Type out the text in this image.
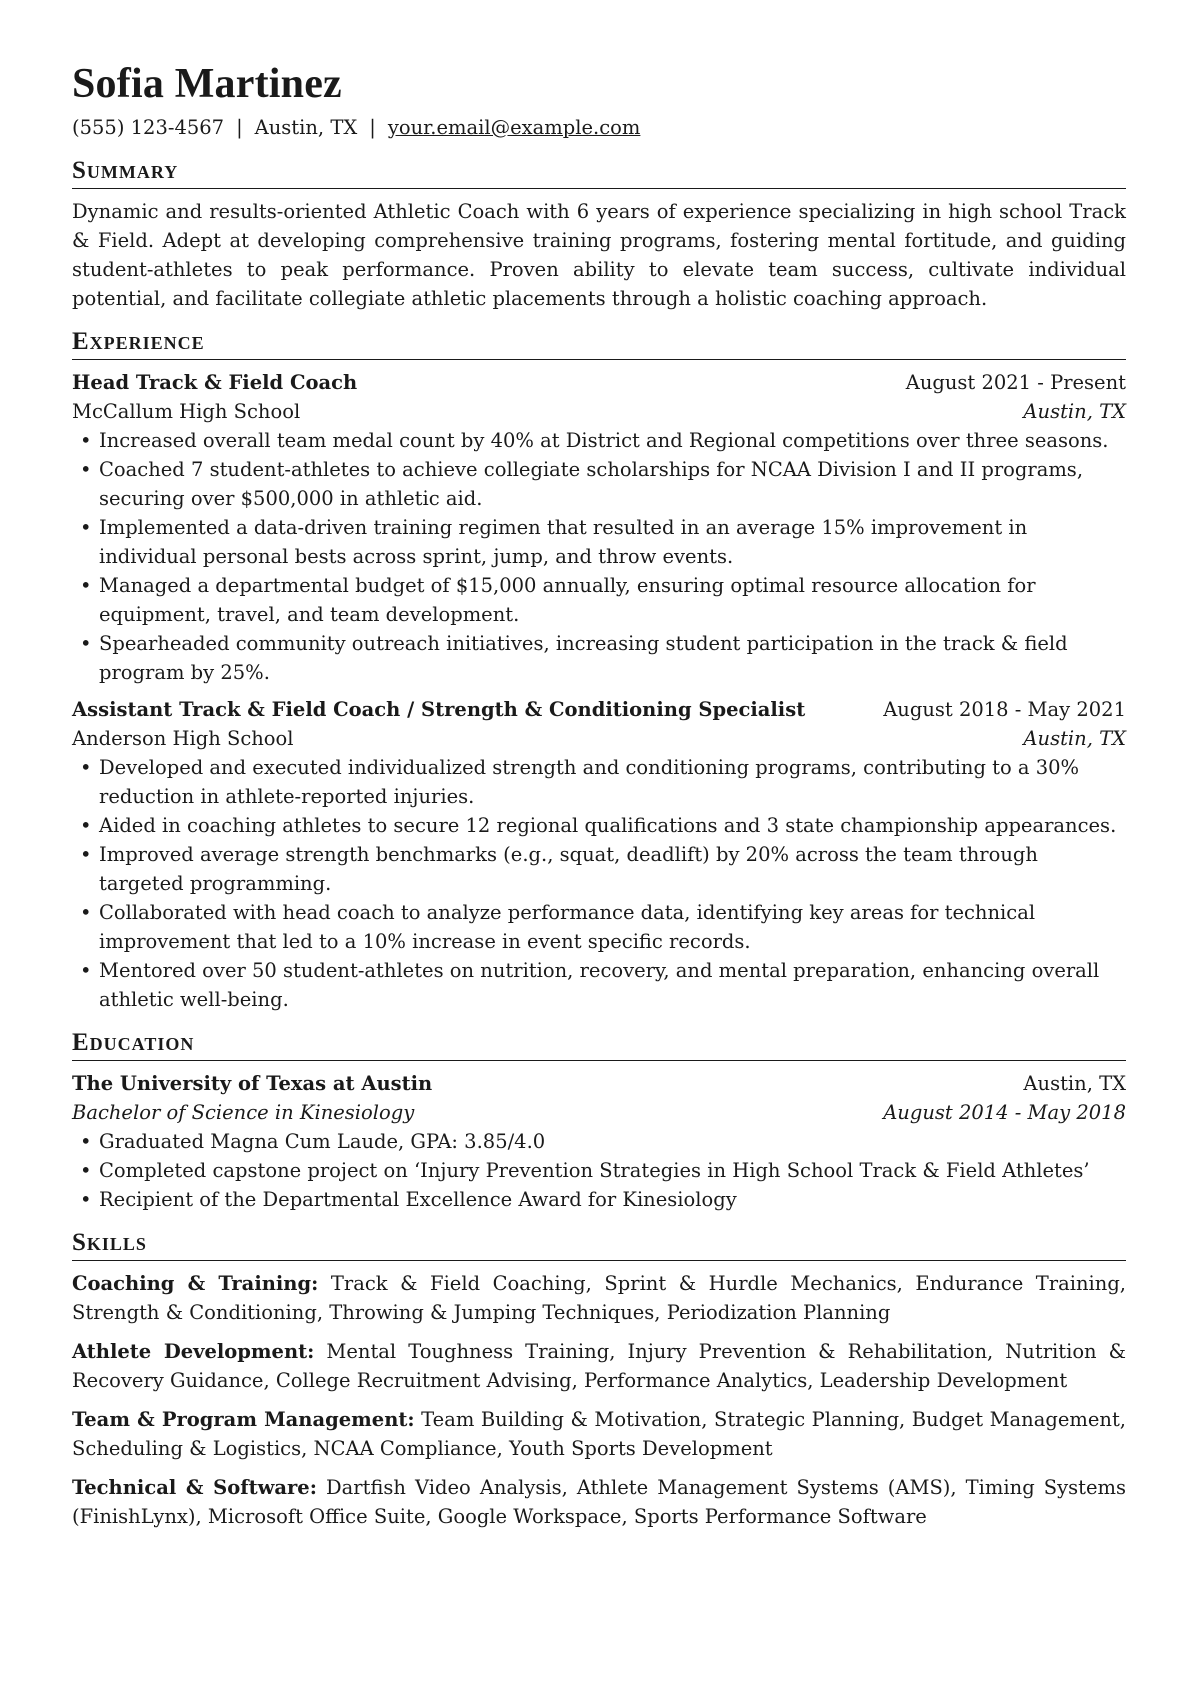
Sofia Martinez
(555) 123-4567 | Austin, TX | your.email@example.com
Summary
Dynamic and results-oriented Athletic Coach with 6 years of experience specializing in high school Track & Field. Adept at developing comprehensive training programs, fostering mental fortitude, and guiding student-athletes to peak performance. Proven ability to elevate team success, cultivate individual potential, and facilitate collegiate athletic placements through a holistic coaching approach.
Experience
Head Track & Field Coach	August 2021 - Present
McCallum High School	Austin, TX
• Increased overall team medal count by 40% at District and Regional competitions over three seasons.
• Coached 7 student-athletes to achieve collegiate scholarships for NCAA Division I and II programs, securing over $500,000 in athletic aid.
• Implemented a data-driven training regimen that resulted in an average 15% improvement in individual personal bests across sprint, jump, and throw events.
• Managed a departmental budget of $15,000 annually, ensuring optimal resource allocation for equipment, travel, and team development.
• Spearheaded community outreach initiatives, increasing student participation in the track & field program by 25%.
Assistant Track & Field Coach / Strength & Conditioning Specialist	August 2018 - May 2021
Anderson High School	Austin, TX
• Developed and executed individualized strength and conditioning programs, contributing to a 30% reduction in athlete-reported injuries.
• Aided in coaching athletes to secure 12 regional qualifications and 3 state championship appearances.
• Improved average strength benchmarks (e.g., squat, deadlift) by 20% across the team through targeted programming.
• Collaborated with head coach to analyze performance data, identifying key areas for technical improvement that led to a 10% increase in event specific records.
• Mentored over 50 student-athletes on nutrition, recovery, and mental preparation, enhancing overall athletic well-being.
Education
The University of Texas at Austin	Austin, TX
Bachelor of Science in Kinesiology	August 2014 - May 2018
• Graduated Magna Cum Laude, GPA: 3.85/4.0
• Completed capstone project on ‘Injury Prevention Strategies in High School Track & Field Athletes’
• Recipient of the Departmental Excellence Award for Kinesiology
Skills
Coaching & Training: Track & Field Coaching, Sprint & Hurdle Mechanics, Endurance Training, Strength & Conditioning, Throwing & Jumping Techniques, Periodization Planning
Athlete Development: Mental Toughness Training, Injury Prevention & Rehabilitation, Nutrition & Recovery Guidance, College Recruitment Advising, Performance Analytics, Leadership Development
Team & Program Management: Team Building & Motivation, Strategic Planning, Budget Management, Scheduling & Logistics, NCAA Compliance, Youth Sports Development
Technical & Software: Dartfish Video Analysis, Athlete Management Systems (AMS), Timing Systems (FinishLynx), Microsoft Office Suite, Google Workspace, Sports Performance Software
